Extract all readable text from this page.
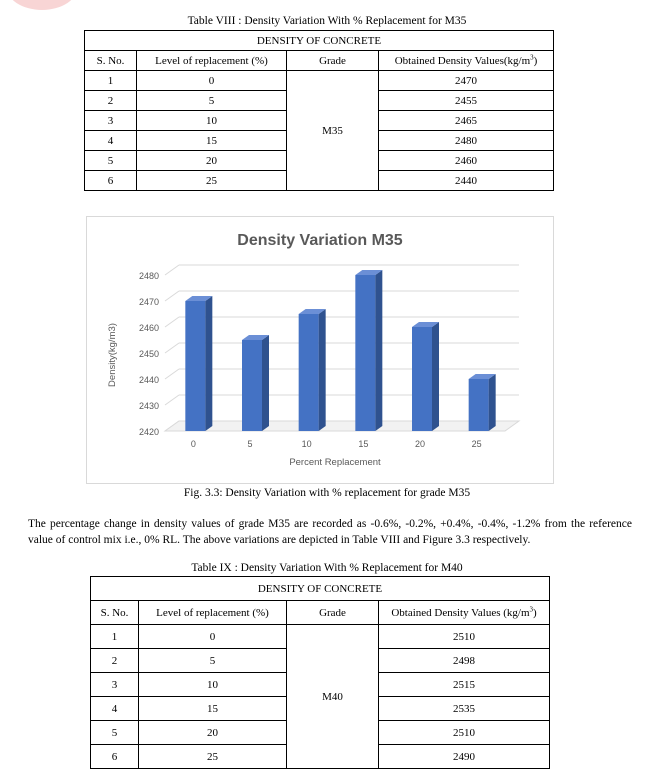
Table VIII : Density Variation With % Replacement for M35
DENSITY OF CONCRETE			
S. No.	Level of replacement (%)	Grade	Obtained Density $Values(kg/m^3)$
1	0	M35	2470
2	5		2455
3	10		2465
4	15		2480
5	20		2460
6	25		2440
Density Variation M35
2420
2430
2440
2450
2460
2470
2480
0	5	10	15	20	25
Percent Replacement
Density(kg/m3)
Fig. 3.3: Density Variation with % replacement for grade M35
The percentage change in density values of grade M35 are recorded as -0.6%, -0.2%, +0.4%, -0.4%, -1.2% from the reference value of control mix i.e., 0% RL. The above variations are depicted in Table VIII and Figure 3.3 respectively.
Table IX : Density Variation With % Replacement for M40
DENSITY OF CONCRETE			
S. No.	Level of replacement (%)	Grade	Obtained Density Values $(kg/m^3)$
1	0	M40	2510
2	5		2498
3	10		2515
4	15		2535
5	20		2510
6	25		2490
